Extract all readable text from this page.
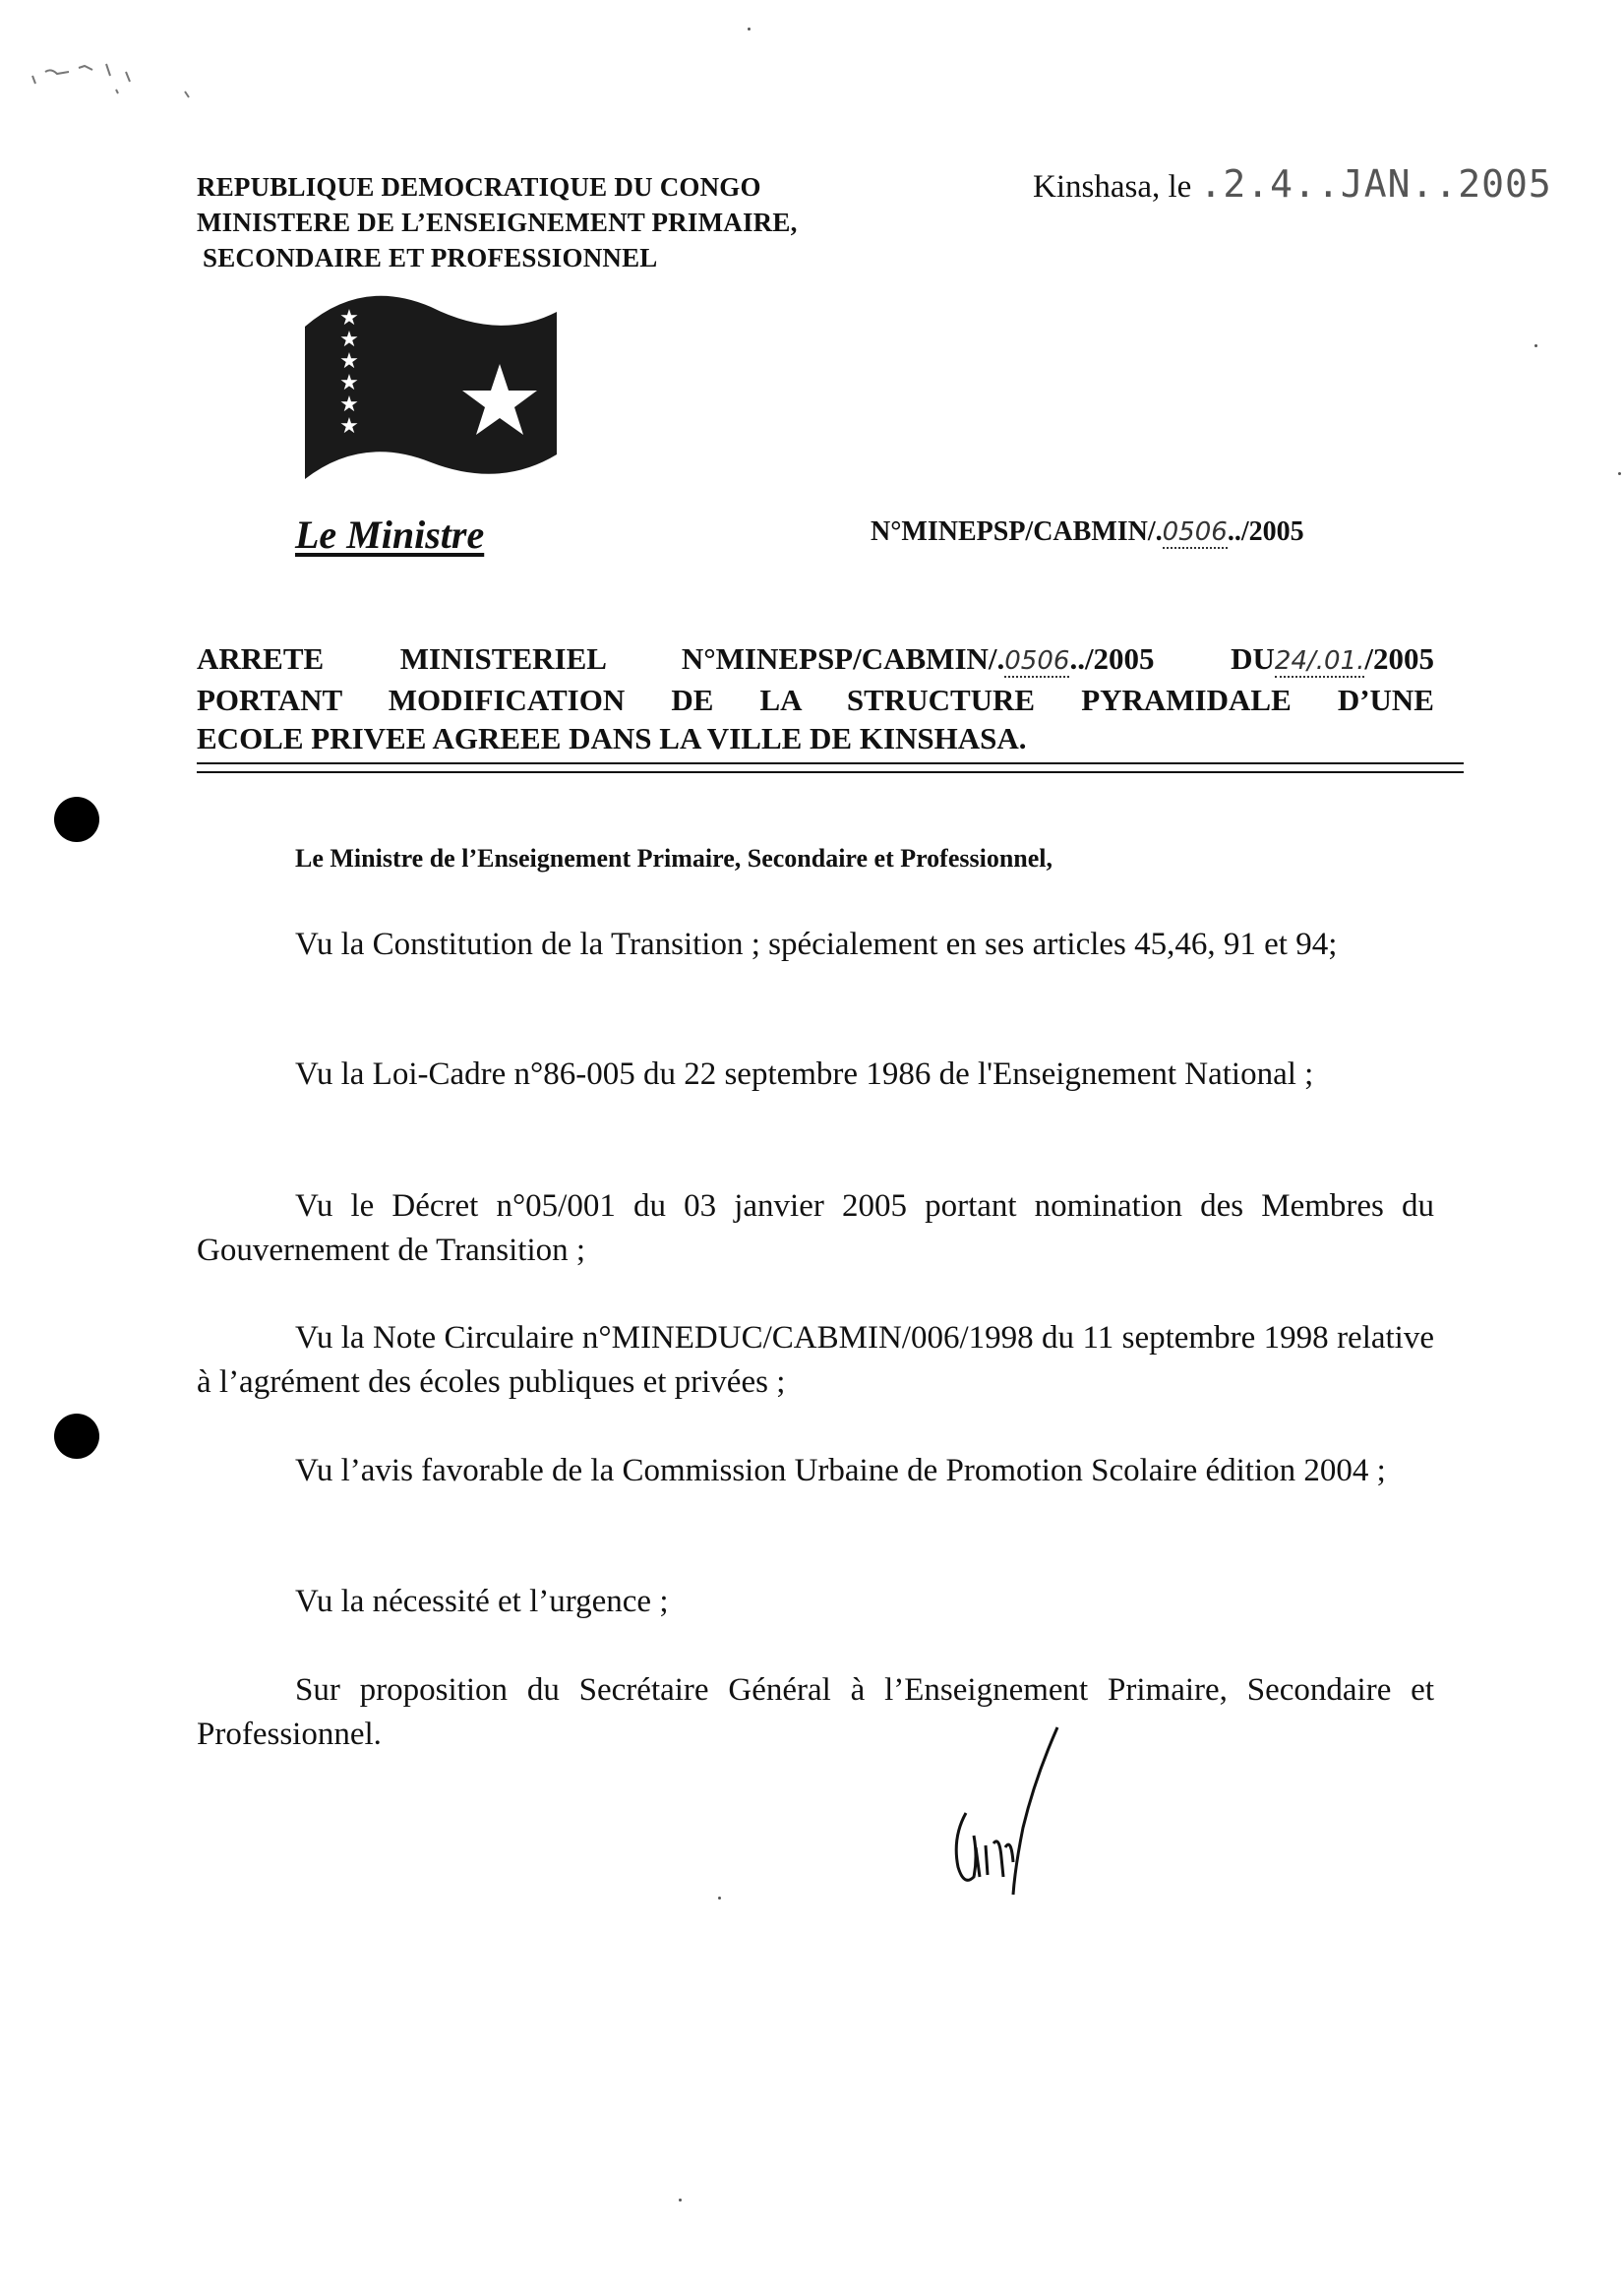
REPUBLIQUE DEMOCRATIQUE DU CONGO
MINISTERE DE L’ENSEIGNEMENT PRIMAIRE,
SECONDAIRE ET PROFESSIONNEL
Kinshasa, le .2.4..JAN..2005
★
★
★
★
★
★
Le Ministre	N°MINEPSP/CABMIN/.0506../2005
ARRETE MINISTERIEL N°MINEPSP/CABMIN/.0506../2005 DU24/.01./2005
PORTANT MODIFICATION DE LA STRUCTURE PYRAMIDALE D’UNE
ECOLE PRIVEE AGREEE DANS LA VILLE DE KINSHASA.
Le Ministre de l’Enseignement Primaire, Secondaire et Professionnel,

Vu la Constitution de la Transition ; spécialement en ses articles 45,46, 91 et 94;

Vu la Loi-Cadre n°86-005 du 22 septembre 1986 de l'Enseignement National ;

Vu le Décret n°05/001 du 03 janvier 2005 portant nomination des Membres du Gouvernement de Transition ;

Vu la Note Circulaire n°MINEDUC/CABMIN/006/1998 du 11 septembre 1998 relative à l’agrément des écoles publiques et privées ;

Vu l’avis favorable de la Commission Urbaine de Promotion Scolaire édition 2004 ;

Vu la nécessité et l’urgence ;

Sur proposition du Secrétaire Général à l’Enseignement Primaire, Secondaire et Professionnel.
